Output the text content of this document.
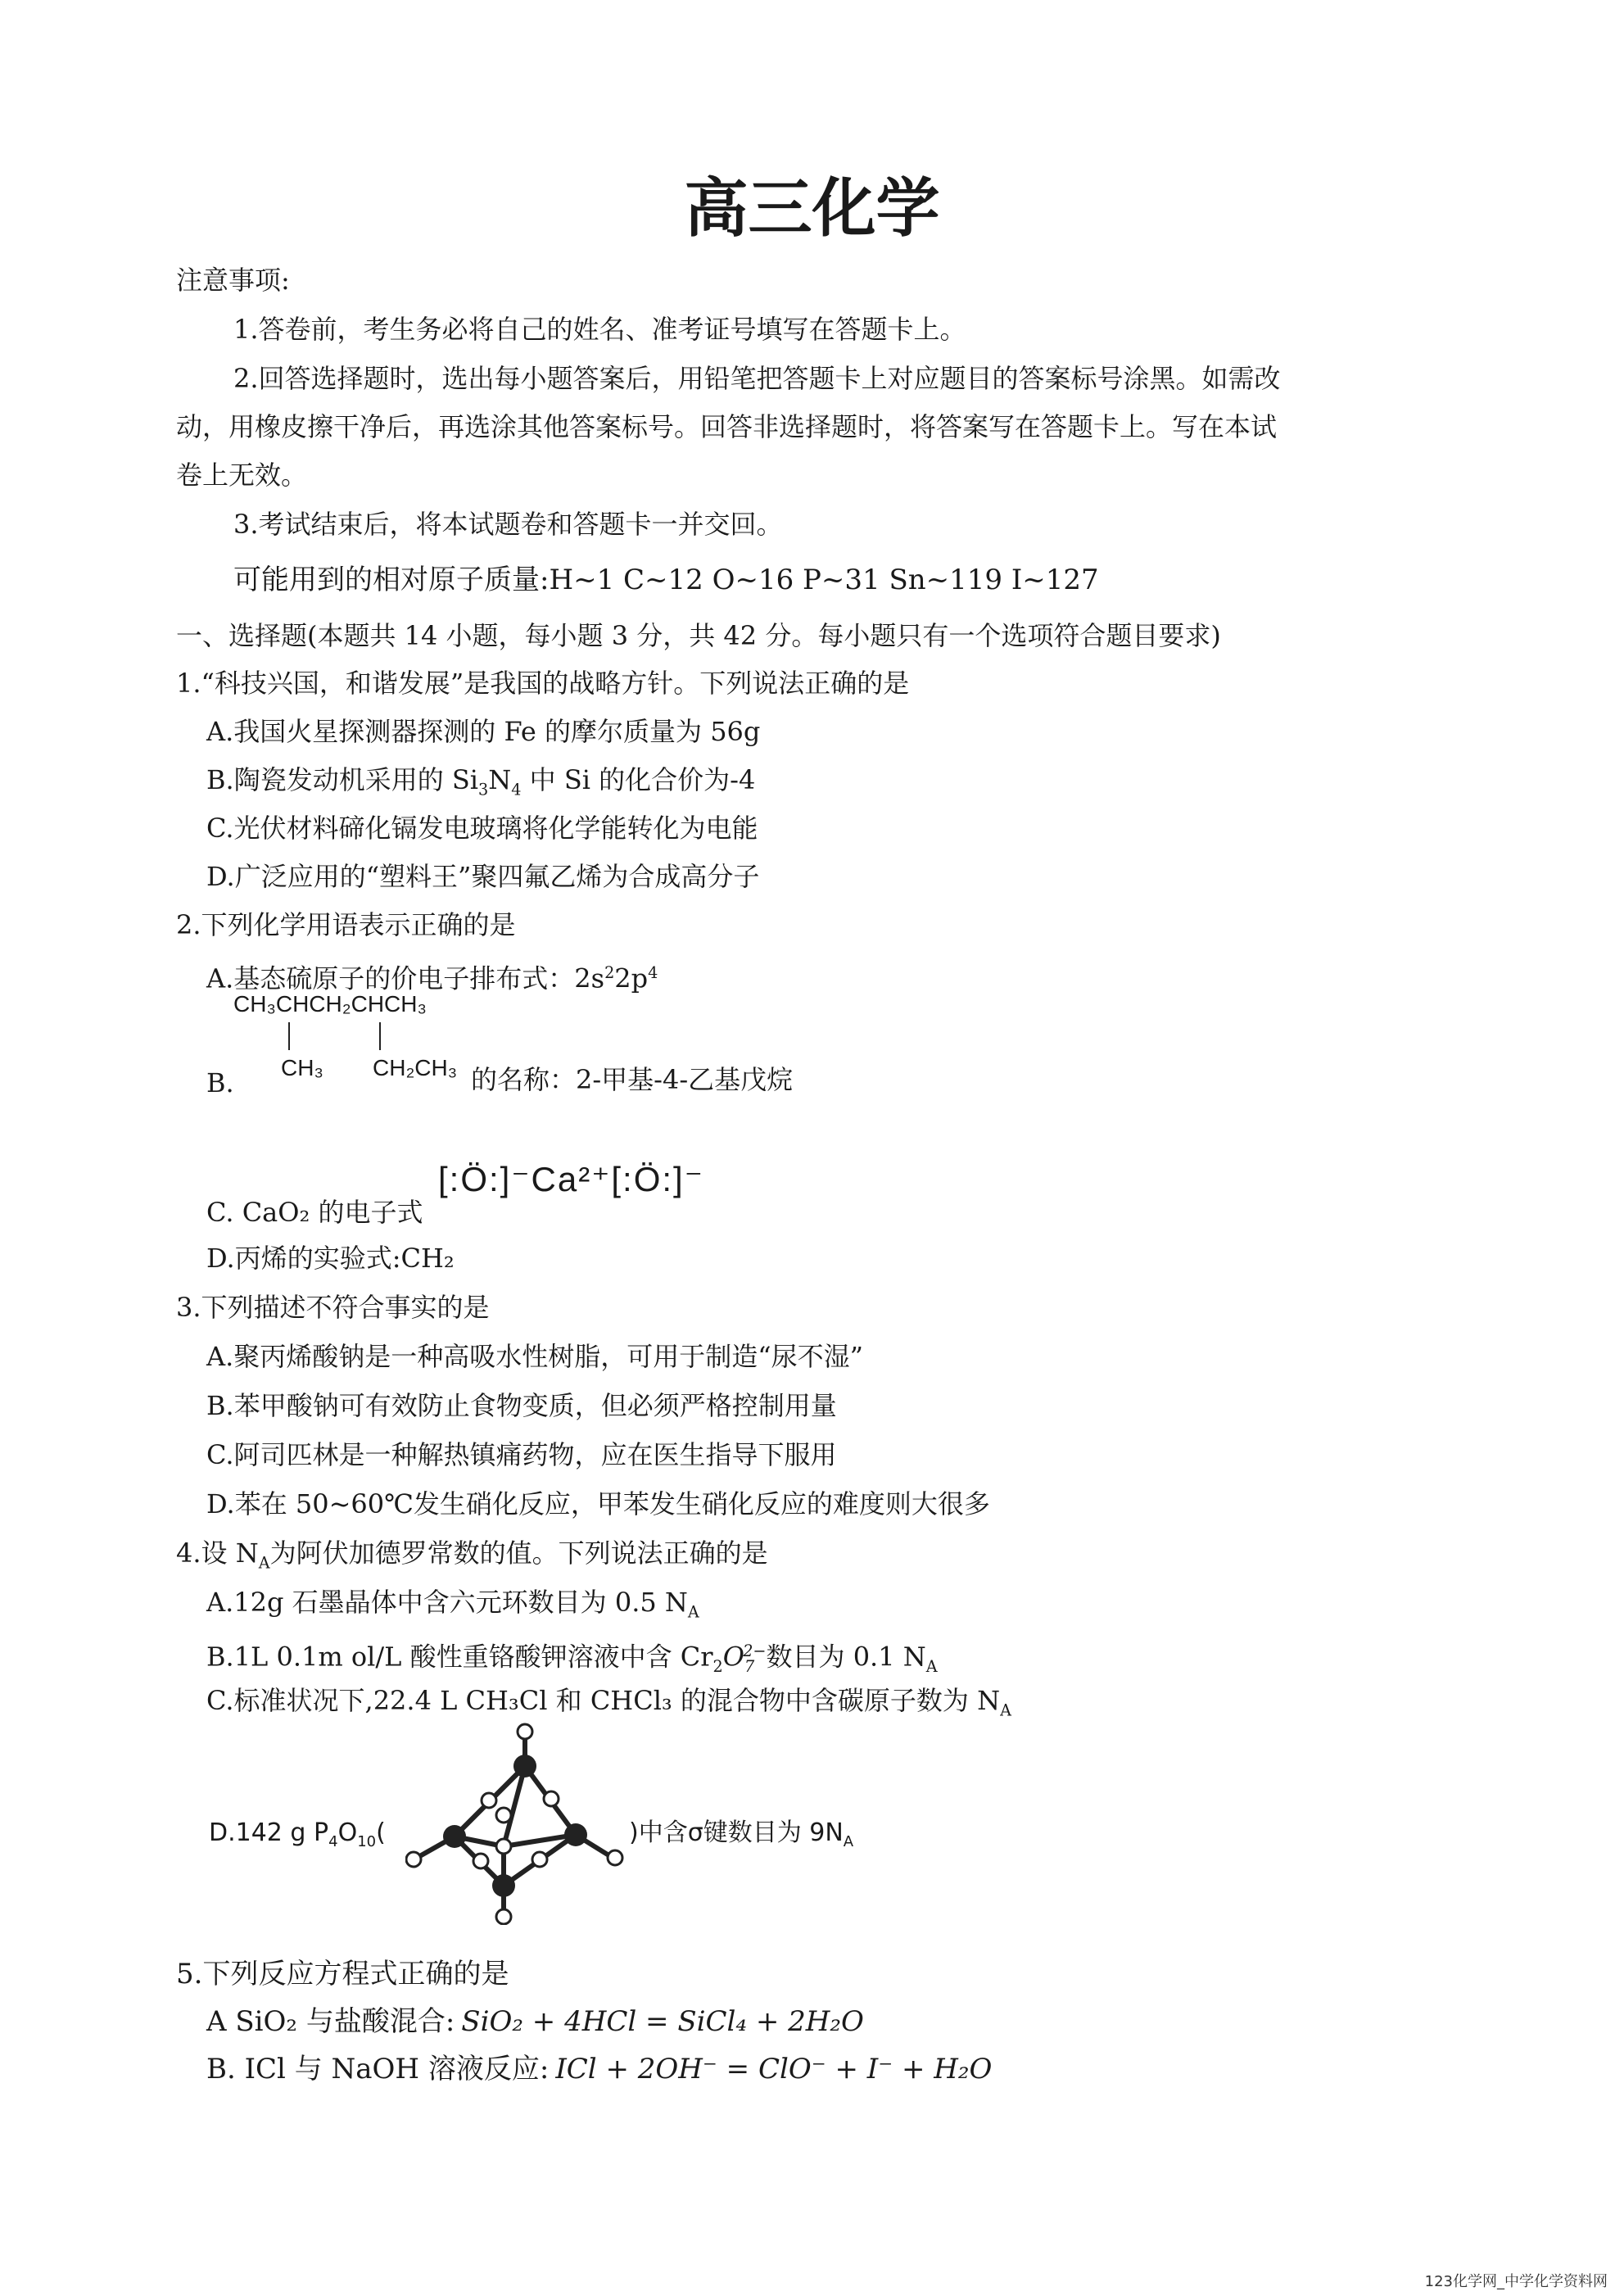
高三化学
注意事项:
1.答卷前，考生务必将自己的姓名、准考证号填写在答题卡上。
2.回答选择题时，选出每小题答案后，用铅笔把答题卡上对应题目的答案标号涂黑。如需改
动，用橡皮擦干净后，再选涂其他答案标号。回答非选择题时，将答案写在答题卡上。写在本试
卷上无效。
3.考试结束后，将本试题卷和答题卡一并交回。
可能用到的相对原子质量:H~1 C~12 O~16 P~31 Sn~119 I~127
一、选择题(本题共 14 小题，每小题 3 分，共 42 分。每小题只有一个选项符合题目要求)
1.“科技兴国，和谐发展”是我国的战略方针。下列说法正确的是
A.我国火星探测器探测的 Fe 的摩尔质量为 56g
B.陶瓷发动机采用的 $Si_3N_4$ 中 Si 的化合价为-4
C.光伏材料碲化镉发电玻璃将化学能转化为电能
D.广泛应用的“塑料王”聚四氟乙烯为合成高分子
2.下列化学用语表示正确的是
A.基态硫原子的价电子排布式：$2s^22p^4$
CH₃CHCH₂CHCH₃
CH₃ CH₂CH₃
B.	的名称：2-甲基-4-乙基戊烷
C. CaO₂ 的电子式
[:Ö:]⁻Ca²⁺[:Ö:]⁻
D.丙烯的实验式:CH₂
3.下列描述不符合事实的是
A.聚丙烯酸钠是一种高吸水性树脂，可用于制造“尿不湿”
B.苯甲酸钠可有效防止食物变质，但必须严格控制用量
C.阿司匹林是一种解热镇痛药物，应在医生指导下服用
D.苯在 50~60℃发生硝化反应，甲苯发生硝化反应的难度则大很多
4.设 $N_A$为阿伏加德罗常数的值。下列说法正确的是
A.12g 石墨晶体中含六元环数目为 0.5 $N_A$
B.1L 0.1m ol/L 酸性重铬酸钾溶液中含 $Cr_2O_7^{2-}$数目为 0.1 $N_A$
C.标准状况下,22.4 L CH₃Cl 和 CHCl₃ 的混合物中含碳原子数为 $N_A$
D.142 g $P_4O_{10}$(	)中含σ键数目为 $9N_A$
5.下列反应方程式正确的是
A SiO₂ 与盐酸混合: SiO₂ + 4HCl = SiCl₄ + 2H₂O
B. ICl 与 NaOH 溶液反应: ICl + 2OH⁻ = ClO⁻ + I⁻ + H₂O
123化学网_中学化学资料网
